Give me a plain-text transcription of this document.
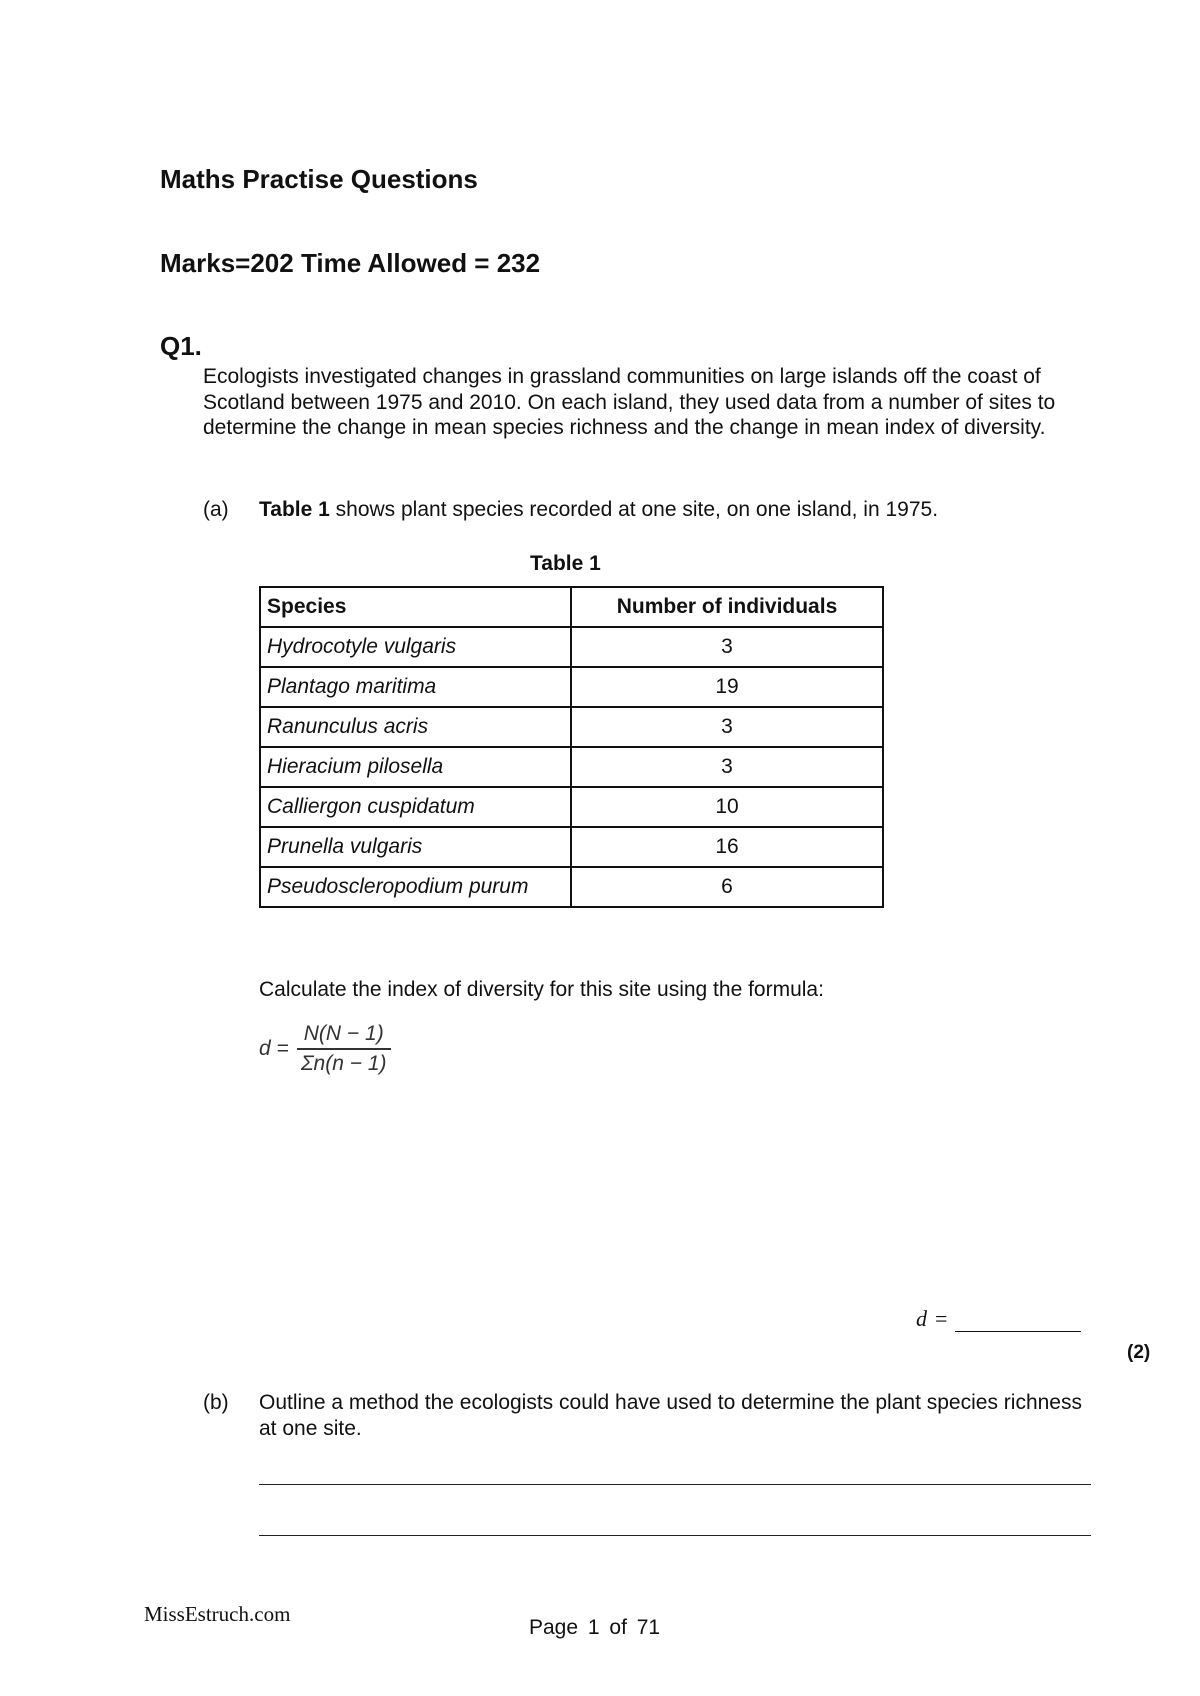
Maths Practise Questions
Marks=202 Time Allowed = 232
Q1.

Ecologists investigated changes in grassland communities on large islands off the coast of Scotland between 1975 and 2010. On each island, they used data from a number of sites to determine the change in mean species richness and the change in mean index of diversity.

(a) Table 1 shows plant species recorded at one site, on one island, in 1975.
Table 1
Species	Number of individuals
Hydrocotyle vulgaris	3
Plantago maritima	19
Ranunculus acris	3
Hieracium pilosella	3
Calliergon cuspidatum	10
Prunella vulgaris	16
Pseudoscleropodium purum	6
Calculate the index of diversity for this site using the formula:
$d = \frac{N(N - 1)}{\Sigma n(n - 1)}$
d =
(2)
(b) Outline a method the ecologists could have used to determine the plant species richness at one site.
MissEstruch.com
Page 1 of 71
